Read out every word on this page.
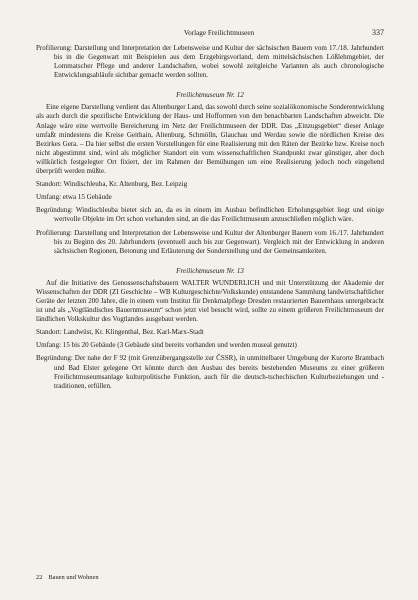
Vorlage Freilichtmuseen	337

Profilierung: Darstellung und Interpretation der Lebensweise und Kultur der sächsischen Bauern vom 17./18. Jahrhundert bis in die Gegenwart mit Beispielen aus dem Erzgebirgsvorland, dem mittelsächsischen Lößlehmgebiet, der Lommatscher Pflege und anderer Landschaften, wobei sowohl zeitgleiche Varianten als auch chronologische Entwicklungsabläufe sichtbar gemacht werden sollten.

Freilichtmuseum Nr. 12

Eine eigene Darstellung verdient das Altenburger Land, das sowohl durch seine sozialökonomische Sonderentwicklung als auch durch die spezifische Entwicklung der Haus- und Hofformen von den benachbarten Landschaften abweicht. Die Anlage wäre eine wertvolle Bereicherung im Netz der Freilichtmuseen der DDR. Das „Einzugsgebiet“ dieser Anlage umfaßt mindestens die Kreise Geithain, Altenburg, Schmölln, Glauchau und Werdau sowie die nördlichen Kreise des Bezirkes Gera. – Da hier selbst die ersten Vorstellungen für eine Realisierung mit den Räten der Bezirke bzw. Kreise noch nicht abgestimmt sind, wird als möglicher Standort ein vom wissenschaftlichen Standpunkt zwar günstiger, aber doch willkürlich festgelegter Ort fixiert, der im Rahmen der Bemühungen um eine Realisierung jedoch noch eingehend überprüft werden müßte.

Standort: Windischleuba, Kr. Altenburg, Bez. Leipzig

Umfang: etwa 15 Gebäude

Begründung: Windischleuba bietet sich an, da es in einem im Ausbau befindlichen Erholungsgebiet liegt und einige wertvolle Objekte im Ort schon vorhanden sind, an die das Freilichtmuseum anzuschließen möglich wäre.

Profilierung: Darstellung und Interpretation der Lebensweise und Kultur der Altenburger Bauern vom 16./17. Jahrhundert bis zu Beginn des 20. Jahrhunderts (eventuell auch bis zur Gegenwart). Vergleich mit der Entwicklung in anderen sächsischen Regionen, Betonung und Erläuterung der Sonderstellung und der Gemeinsamkeiten.

Freilichtmuseum Nr. 13

Auf die Initiative des Genossenschaftsbauern WALTER WUNDERLICH und mit Unterstützung der Akademie der Wissenschaften der DDR (ZI Geschichte – WB Kulturgeschichte/Volkskunde) entstandene Sammlung landwirtschaftlicher Geräte der letzten 200 Jahre, die in einem vom Institut für Denkmalpflege Dresden restaurierten Bauernhaus untergebracht ist und als „Vogtländisches Bauernmuseum“ schon jetzt viel besucht wird, sollte zu einem größeren Freilichtmuseum der ländlichen Volkskultur des Vogtlandes ausgebaut werden.

Standort: Landwüst, Kr. Klingenthal, Bez. Karl-Marx-Stadt

Umfang: 15 bis 20 Gebäude (3 Gebäude sind bereits vorhanden und werden museal genutzt)

Begründung: Der nahe der F 92 (mit Grenzübergangsstelle zur ČSSR), in unmittelbarer Umgebung der Kurorte Brambach und Bad Elster gelegene Ort könnte durch den Ausbau des bereits bestehenden Museums zu einer größeren Freilichtmuseumsanlage kulturpolitische Funktion, auch für die deutsch-tschechischen Kulturbeziehungen und -traditionen, erfüllen.

22 Bauen und Wohnen
